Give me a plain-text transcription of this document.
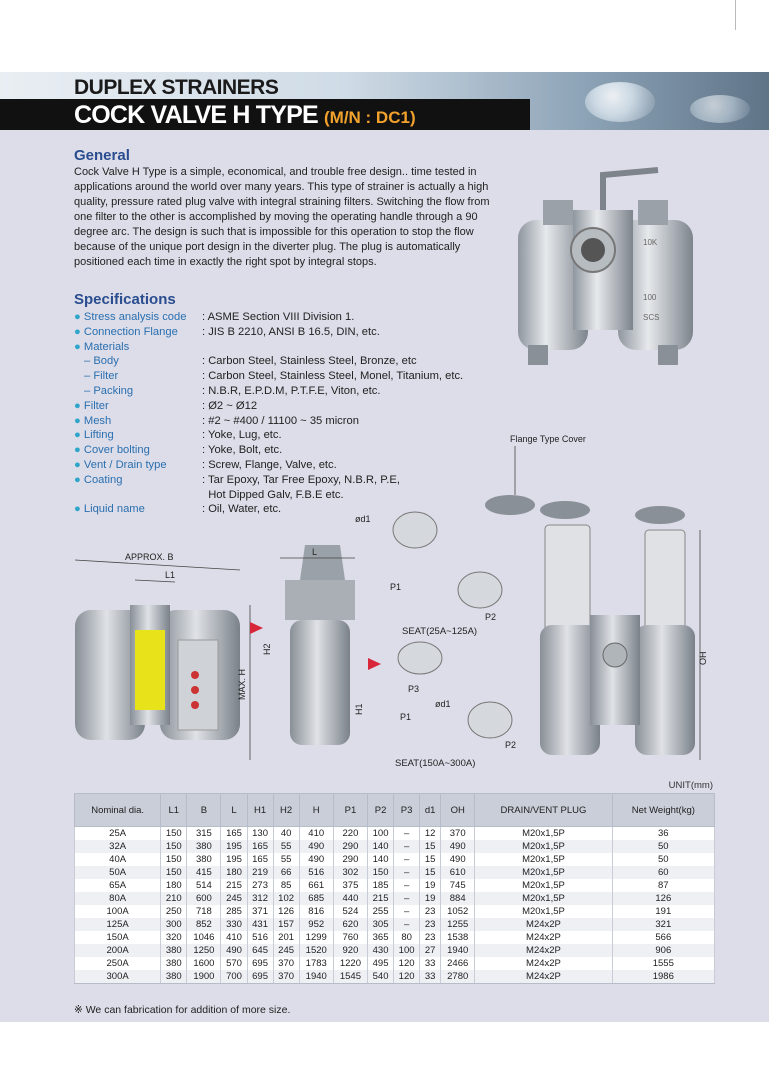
DUPLEX STRAINERS
COCK VALVE H TYPE (M/N : DC1)
General
Cock Valve H Type is a simple, economical, and trouble free design.. time tested in applications around the world over many years. This type of strainer is actually a high quality, pressure rated plug valve with integral straining filters. Switching the flow from one filter to the other is accomplished by moving the operating handle through a 90 degree arc. The design is such that is impossible for this operation to stop the flow because of the unique port design in the diverter plug. The plug is automatically positioned each time in exactly the right spot by integral stops.
Specifications
● Stress analysis code	: ASME Section VIII Division 1.
● Connection Flange	: JIS B 2210, ANSI B 16.5, DIN, etc.
● Materials
– Body	: Carbon Steel, Stainless Steel, Bronze, etc
– Filter	: Carbon Steel, Stainless Steel, Monel, Titanium, etc.
– Packing	: N.B.R, E.P.D.M, P.T.F.E, Viton, etc.
● Filter	: Ø2 ~ Ø12
● Mesh	: #2 ~ #400 / 11100 ~ 35 micron
● Lifting	: Yoke, Lug, etc.
● Cover bolting	: Yoke, Bolt, etc.
● Vent / Drain type	: Screw, Flange, Valve, etc.
● Coating	: Tar Epoxy, Tar Free Epoxy, N.B.R, P.E,
Hot Dipped Galv, F.B.E etc.
● Liquid name	: Oil, Water, etc.
10K
100
SCS
APPROX. B
L1
MAX. H
L
H2
H1
ød1
P1
P2
SEAT(25A~125A)
P3
ød1
P1
P2
SEAT(150A~300A)
Flange Type Cover
OH
UNIT(mm)
Nominal dia.	L1	B	L	H1	H2	H	P1	P2	P3	d1	OH	DRAIN/VENT PLUG	Net Weight(kg)
25A	150	315	165	130	40	410	220	100	–	12	370	M20x1,5P	36
32A	150	380	195	165	55	490	290	140	–	15	490	M20x1,5P	50
40A	150	380	195	165	55	490	290	140	–	15	490	M20x1,5P	50
50A	150	415	180	219	66	516	302	150	–	15	610	M20x1,5P	60
65A	180	514	215	273	85	661	375	185	–	19	745	M20x1,5P	87
80A	210	600	245	312	102	685	440	215	–	19	884	M20x1,5P	126
100A	250	718	285	371	126	816	524	255	–	23	1052	M20x1,5P	191
125A	300	852	330	431	157	952	620	305	–	23	1255	M24x2P	321
150A	320	1046	410	516	201	1299	760	365	80	23	1538	M24x2P	566
200A	380	1250	490	645	245	1520	920	430	100	27	1940	M24x2P	906
250A	380	1600	570	695	370	1783	1220	495	120	33	2466	M24x2P	1555
300A	380	1900	700	695	370	1940	1545	540	120	33	2780	M24x2P	1986
※ We can fabrication for addition of more size.
